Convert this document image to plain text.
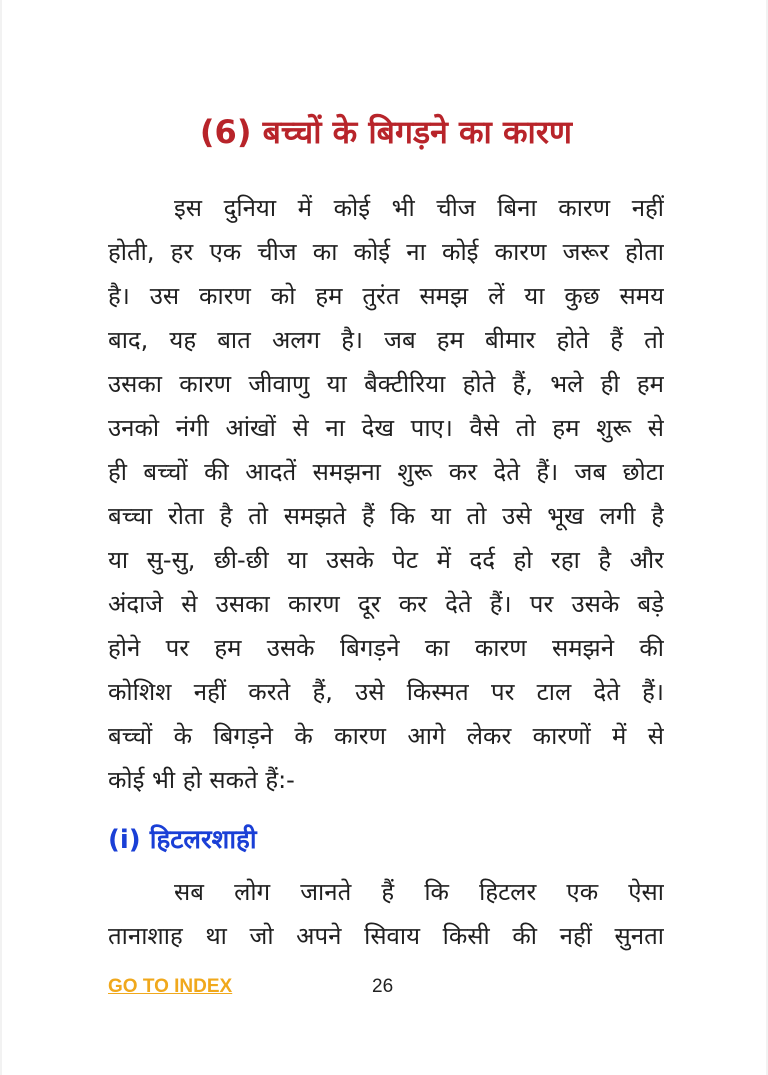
(6) बच्चों के बिगड़ने का कारण
इस दुनिया में कोई भी चीज बिना कारण नहीं
होती, हर एक चीज का कोई ना कोई कारण जरूर होता
है। उस कारण को हम तुरंत समझ लें या कुछ समय
बाद, यह बात अलग है। जब हम बीमार होते हैं तो
उसका कारण जीवाणु या बैक्टीरिया होते हैं, भले ही हम
उनको नंगी आंखों से ना देख पाए। वैसे तो हम शुरू से
ही बच्चों की आदतें समझना शुरू कर देते हैं। जब छोटा
बच्चा रोता है तो समझते हैं कि या तो उसे भूख लगी है
या सु-सु, छी-छी या उसके पेट में दर्द हो रहा है और
अंदाजे से उसका कारण दूर कर देते हैं। पर उसके बड़े
होने पर हम उसके बिगड़ने का कारण समझने की
कोशिश नहीं करते हैं, उसे किस्मत पर टाल देते हैं।
बच्चों के बिगड़ने के कारण आगे लेकर कारणों में से
कोई भी हो सकते हैं:-
(i) हिटलरशाही
सब लोग जानते हैं कि हिटलर एक ऐसा
तानाशाह था जो अपने सिवाय किसी की नहीं सुनता
GO TO INDEX	26
